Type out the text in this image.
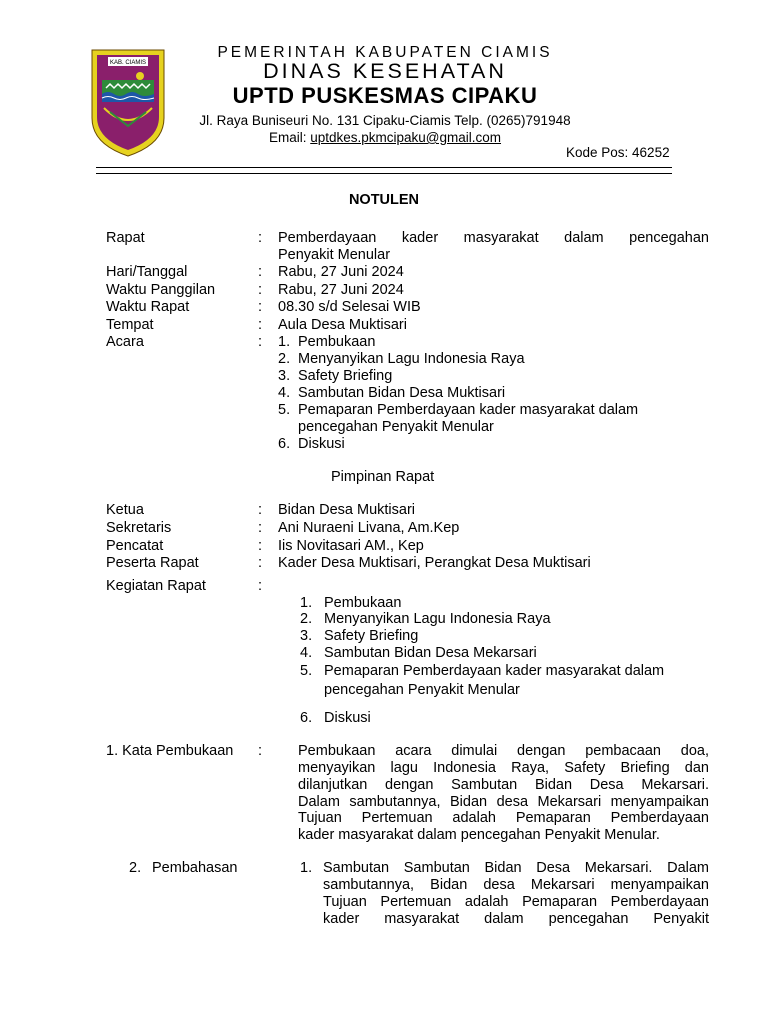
KAB. CIAMIS
PEMERINTAH KABUPATEN CIAMIS
DINAS KESEHATAN
UPTD PUSKESMAS CIPAKU
Jl. Raya Buniseuri No. 131 Cipaku-Ciamis Telp. (0265)791948
Email: uptdkes.pkmcipaku@gmail.com
Kode Pos: 46252
NOTULEN
Rapat	: Pemberdayaan kader masyarakat dalam pencegahan
Penyakit Menular
Hari/Tanggal	: Rabu, 27 Juni 2024
Waktu Panggilan	: Rabu, 27 Juni 2024
Waktu Rapat	: 08.30 s/d Selesai WIB
Tempat	: Aula Desa Muktisari
Acara	: 1. Pembukaan
2. Menyanyikan Lagu Indonesia Raya
3. Safety Briefing
4. Sambutan Bidan Desa Muktisari
5. Pemaparan Pemberdayaan kader masyarakat dalam
pencegahan Penyakit Menular
6. Diskusi
Pimpinan Rapat
Ketua	: Bidan Desa Muktisari
Sekretaris	: Ani Nuraeni Livana, Am.Kep
Pencatat	: Iis Novitasari AM., Kep
Peserta Rapat	: Kader Desa Muktisari, Perangkat Desa Muktisari
Kegiatan Rapat	:
1. Pembukaan
2. Menyanyikan Lagu Indonesia Raya
3. Safety Briefing
4. Sambutan Bidan Desa Mekarsari
5. Pemaparan Pemberdayaan kader masyarakat dalam
pencegahan Penyakit Menular
6. Diskusi
1. Kata Pembukaan : Pembukaan acara dimulai dengan pembacaan doa,
menyayikan lagu Indonesia Raya, Safety Briefing dan
dilanjutkan dengan Sambutan Bidan Desa Mekarsari.
Dalam sambutannya, Bidan desa Mekarsari menyampaikan
Tujuan Pertemuan adalah Pemaparan Pemberdayaan
kader masyarakat dalam pencegahan Penyakit Menular.
2. Pembahasan	1. Sambutan Sambutan Bidan Desa Mekarsari. Dalam
sambutannya, Bidan desa Mekarsari menyampaikan
Tujuan Pertemuan adalah Pemaparan Pemberdayaan
kader masyarakat dalam pencegahan Penyakit
